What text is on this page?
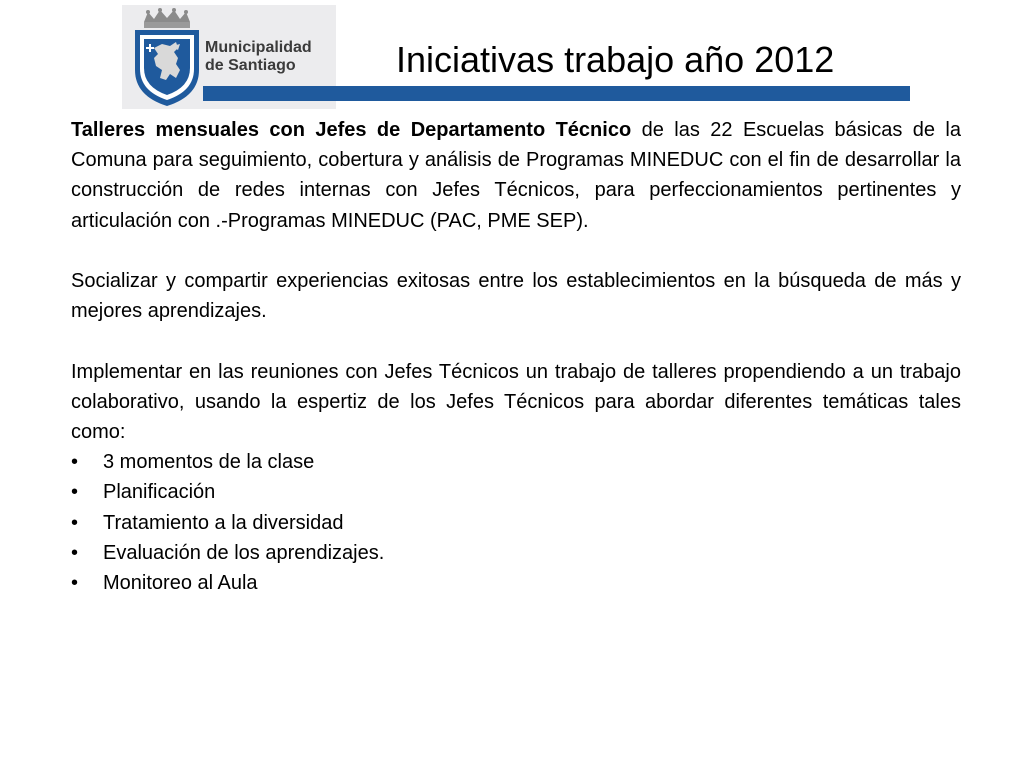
Municipalidad
de Santiago	Iniciativas trabajo año 2012

Talleres mensuales con Jefes de Departamento Técnico de las 22 Escuelas básicas de la Comuna para seguimiento, cobertura y análisis de Programas MINEDUC con el fin de desarrollar la construcción de redes internas con Jefes Técnicos, para perfeccionamientos pertinentes y articulación con .-Programas MINEDUC (PAC, PME SEP).

Socializar y compartir experiencias exitosas entre los establecimientos en la búsqueda de más y mejores aprendizajes.

Implementar en las reuniones con Jefes Técnicos un trabajo de talleres propendiendo a un trabajo colaborativo, usando la espertiz de los Jefes Técnicos para abordar diferentes temáticas tales como:

• 3 momentos de la clase
• Planificación
• Tratamiento a la diversidad
• Evaluación de los aprendizajes.
• Monitoreo al Aula
